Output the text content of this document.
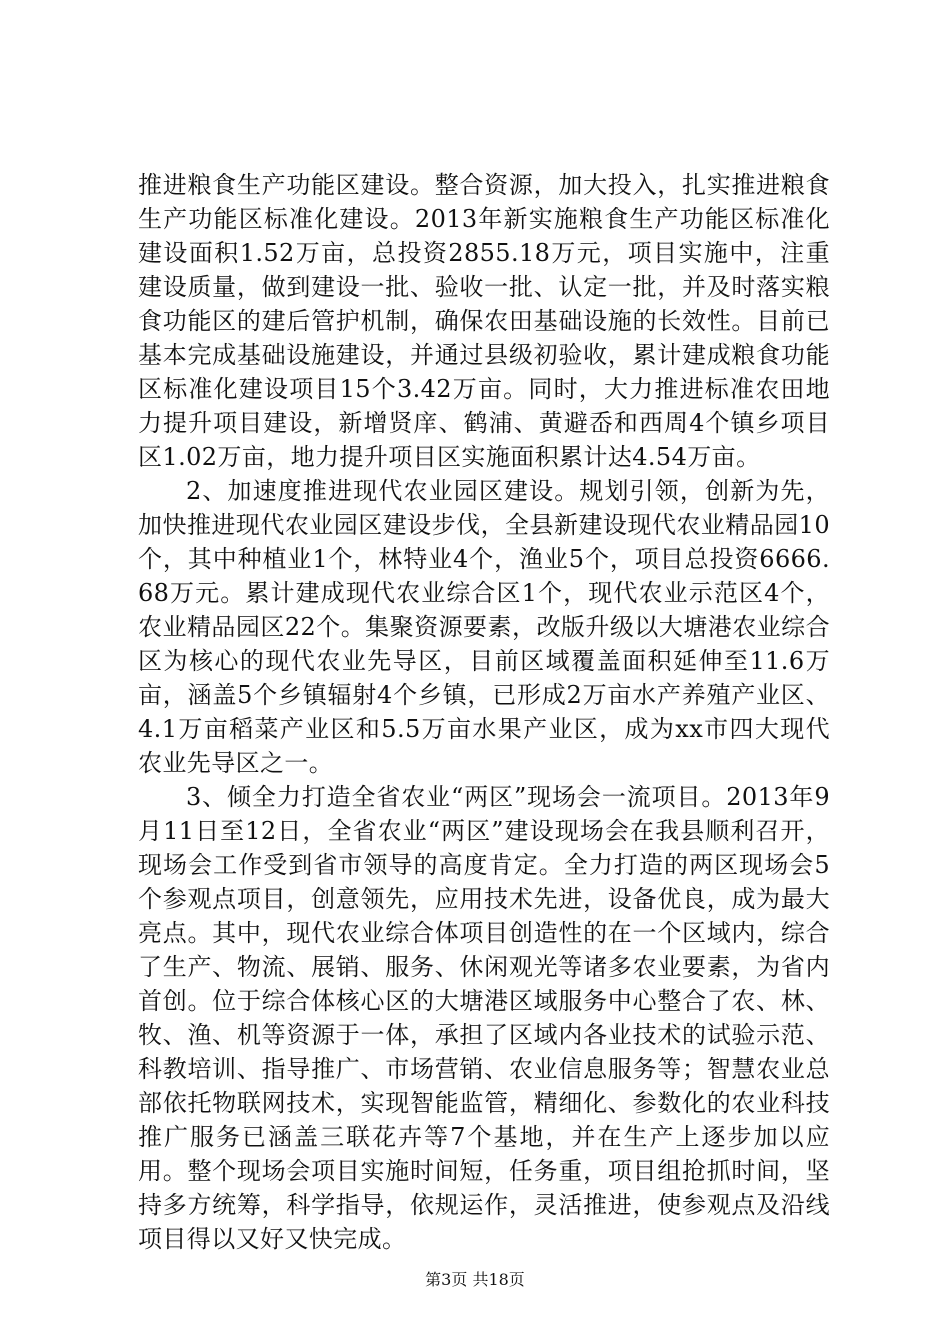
推进粮食生产功能区建设。整合资源，加大投入，扎实推进粮食生产功能区标准化建设。2013年新实施粮食生产功能区标准化建设面积1.52万亩，总投资2855.18万元，项目实施中，注重建设质量，做到建设一批、验收一批、认定一批，并及时落实粮食功能区的建后管护机制，确保农田基础设施的长效性。目前已基本完成基础设施建设，并通过县级初验收，累计建成粮食功能区标准化建设项目15个3.42万亩。同时，大力推进标准农田地力提升项目建设，新增贤庠、鹤浦、黄避岙和西周4个镇乡项目区1.02万亩，地力提升项目区实施面积累计达4.54万亩。

2、加速度推进现代农业园区建设。规划引领，创新为先，加快推进现代农业园区建设步伐，全县新建设现代农业精品园10个，其中种植业1个，林特业4个，渔业5个，项目总投资6666.68万元。累计建成现代农业综合区1个，现代农业示范区4个，农业精品园区22个。集聚资源要素，改版升级以大塘港农业综合区为核心的现代农业先导区，目前区域覆盖面积延伸至11.6万亩，涵盖5个乡镇辐射4个乡镇，已形成2万亩水产养殖产业区、4.1万亩稻菜产业区和5.5万亩水果产业区，成为xx市四大现代农业先导区之一。

3、倾全力打造全省农业“两区”现场会一流项目。2013年9月11日至12日，全省农业“两区”建设现场会在我县顺利召开，现场会工作受到省市领导的高度肯定。全力打造的两区现场会5个参观点项目，创意领先，应用技术先进，设备优良，成为最大亮点。其中，现代农业综合体项目创造性的在一个区域内，综合了生产、物流、展销、服务、休闲观光等诸多农业要素，为省内首创。位于综合体核心区的大塘港区域服务中心整合了农、林、牧、渔、机等资源于一体，承担了区域内各业技术的试验示范、科教培训、指导推广、市场营销、农业信息服务等；智慧农业总部依托物联网技术，实现智能监管，精细化、参数化的农业科技推广服务已涵盖三联花卉等7个基地，并在生产上逐步加以应用。整个现场会项目实施时间短，任务重，项目组抢抓时间，坚持多方统筹，科学指导，依规运作，灵活推进，使参观点及沿线项目得以又好又快完成。

第3页 共18页
